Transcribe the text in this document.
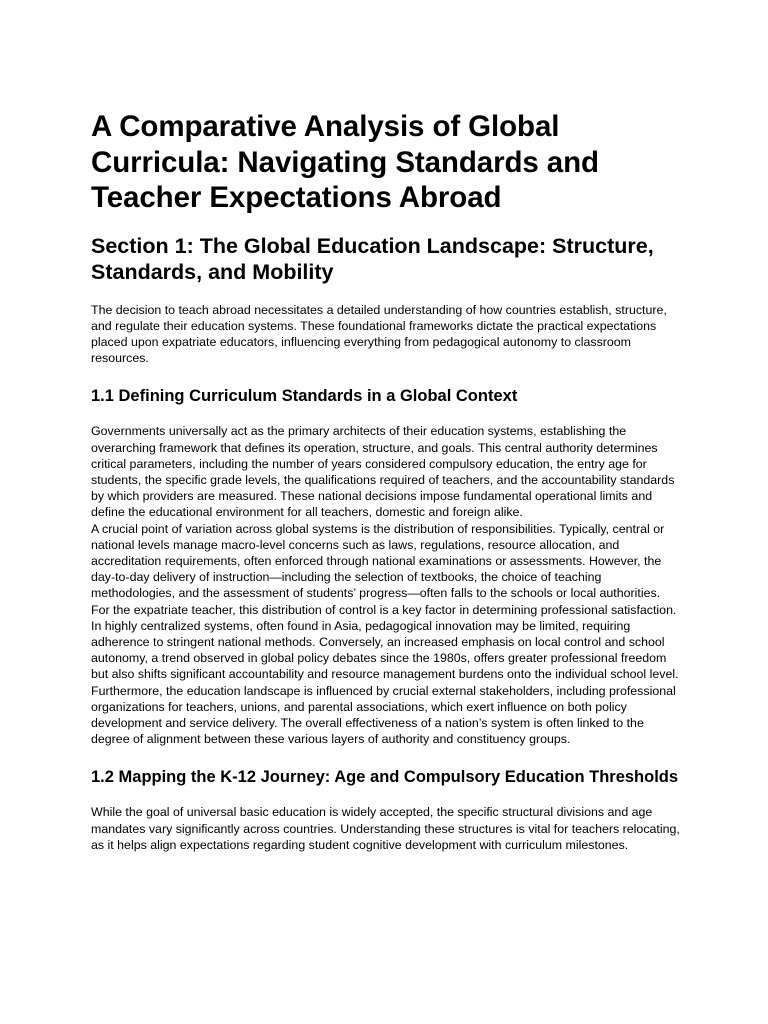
A Comparative Analysis of Global Curricula: Navigating Standards and Teacher Expectations Abroad
Section 1: The Global Education Landscape: Structure, Standards, and Mobility

The decision to teach abroad necessitates a detailed understanding of how countries establish, structure, and regulate their education systems. These foundational frameworks dictate the practical expectations placed upon expatriate educators, influencing everything from pedagogical autonomy to classroom resources.

1.1 Defining Curriculum Standards in a Global Context

Governments universally act as the primary architects of their education systems, establishing the overarching framework that defines its operation, structure, and goals. This central authority determines critical parameters, including the number of years considered compulsory education, the entry age for students, the specific grade levels, the qualifications required of teachers, and the accountability standards by which providers are measured. These national decisions impose fundamental operational limits and define the educational environment for all teachers, domestic and foreign alike.

A crucial point of variation across global systems is the distribution of responsibilities. Typically, central or national levels manage macro-level concerns such as laws, regulations, resource allocation, and accreditation requirements, often enforced through national examinations or assessments. However, the day-to-day delivery of instruction—including the selection of textbooks, the choice of teaching methodologies, and the assessment of students’ progress—often falls to the schools or local authorities.

For the expatriate teacher, this distribution of control is a key factor in determining professional satisfaction. In highly centralized systems, often found in Asia, pedagogical innovation may be limited, requiring adherence to stringent national methods. Conversely, an increased emphasis on local control and school autonomy, a trend observed in global policy debates since the 1980s, offers greater professional freedom but also shifts significant accountability and resource management burdens onto the individual school level. Furthermore, the education landscape is influenced by crucial external stakeholders, including professional organizations for teachers, unions, and parental associations, which exert influence on both policy development and service delivery. The overall effectiveness of a nation’s system is often linked to the degree of alignment between these various layers of authority and constituency groups.

1.2 Mapping the K-12 Journey: Age and Compulsory Education Thresholds

While the goal of universal basic education is widely accepted, the specific structural divisions and age mandates vary significantly across countries. Understanding these structures is vital for teachers relocating, as it helps align expectations regarding student cognitive development with curriculum milestones.
